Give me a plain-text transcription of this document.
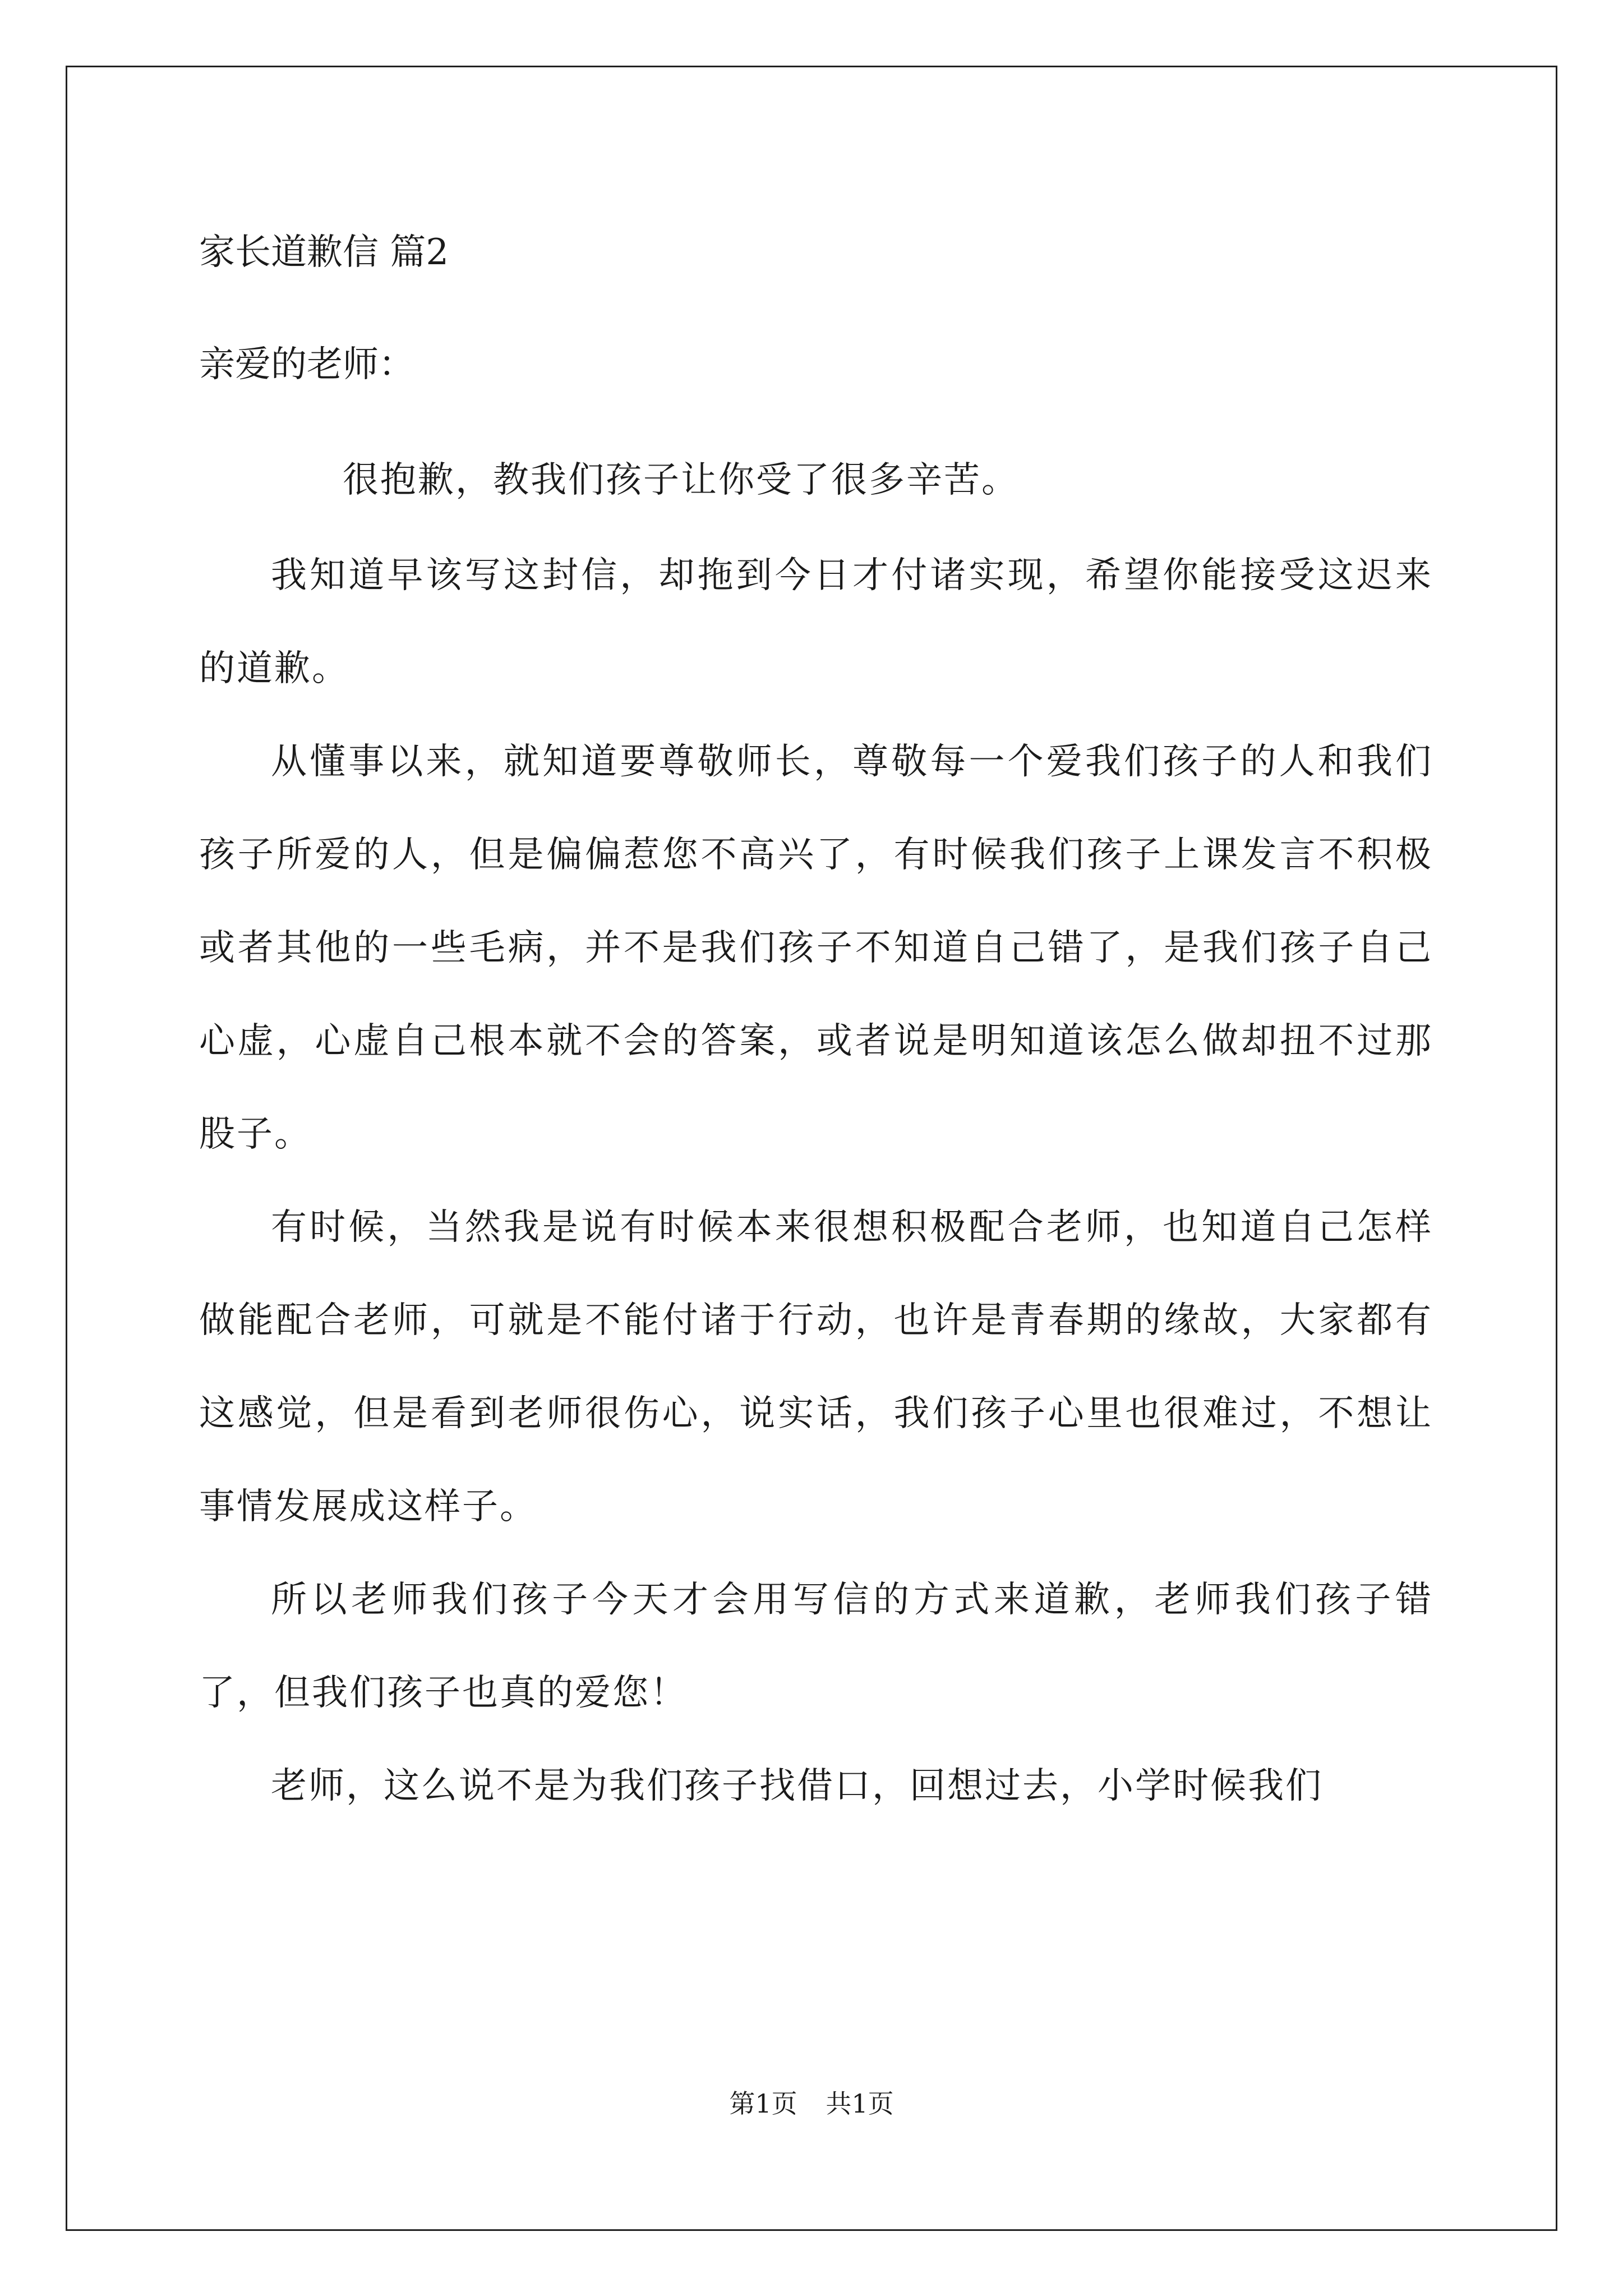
家长道歉信 篇2
亲爱的老师：

很抱歉，教我们孩子让你受了很多辛苦。

我知道早该写这封信，却拖到今日才付诸实现，希望你能接受这迟来的道歉。

从懂事以来，就知道要尊敬师长，尊敬每一个爱我们孩子的人和我们孩子所爱的人，但是偏偏惹您不高兴了，有时候我们孩子上课发言不积极或者其他的一些毛病，并不是我们孩子不知道自己错了，是我们孩子自己心虚，心虚自己根本就不会的答案，或者说是明知道该怎么做却扭不过那股子。

有时候，当然我是说有时候本来很想积极配合老师，也知道自己怎样做能配合老师，可就是不能付诸于行动，也许是青春期的缘故，大家都有这感觉，但是看到老师很伤心，说实话，我们孩子心里也很难过，不想让事情发展成这样子。

所以老师我们孩子今天才会用写信的方式来道歉，老师我们孩子错了，但我们孩子也真的爱您！

老师，这么说不是为我们孩子找借口，回想过去，小学时候我们

第1页 共1页
